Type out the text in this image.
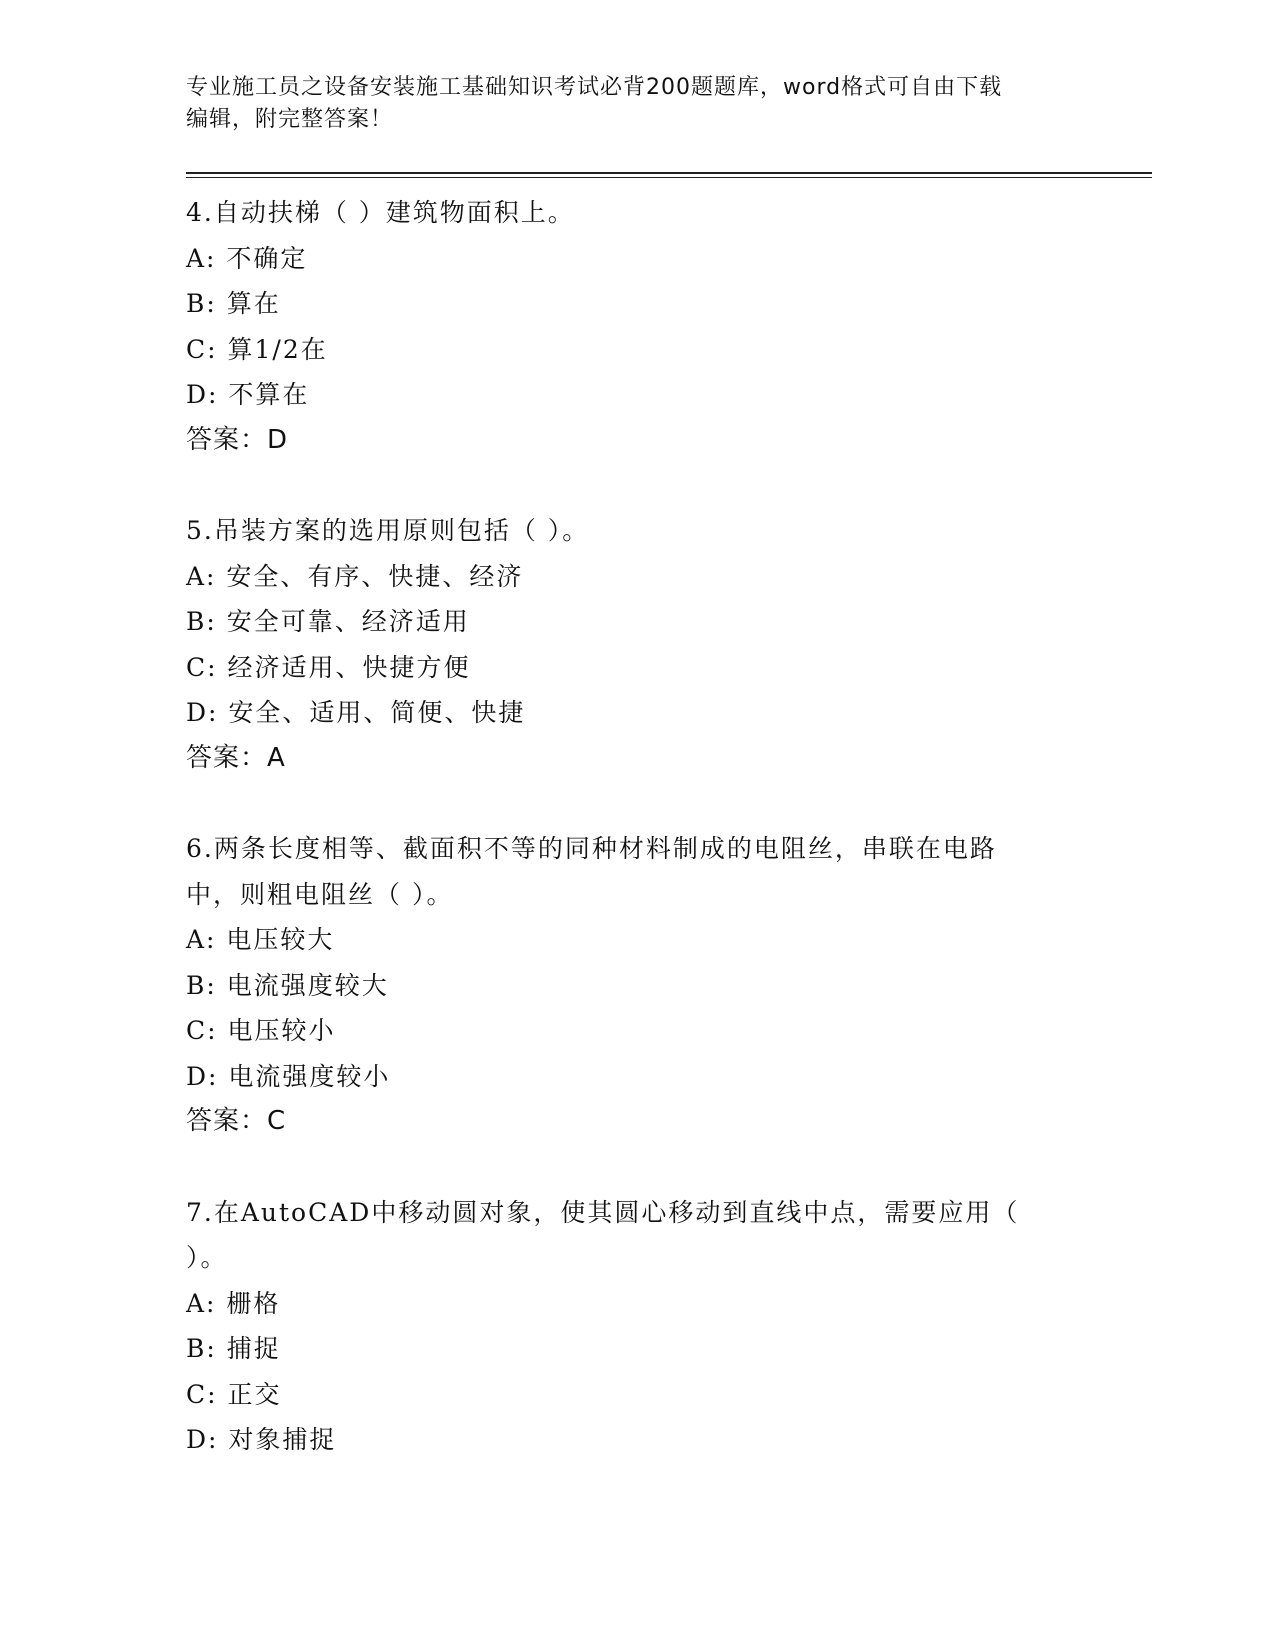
专业施工员之设备安装施工基础知识考试必背200题题库，word格式可自由下载
编辑，附完整答案！
4.自动扶梯（ ）建筑物面积上。
A: 不确定
B: 算在
C: 算1/2在
D: 不算在
答案：D
5.吊装方案的选用原则包括（ ）。
A: 安全、有序、快捷、经济
B: 安全可靠、经济适用
C: 经济适用、快捷方便
D: 安全、适用、简便、快捷
答案：A
6.两条长度相等、截面积不等的同种材料制成的电阻丝，串联在电路
中，则粗电阻丝（ ）。
A: 电压较大
B: 电流强度较大
C: 电压较小
D: 电流强度较小
答案：C
7.在AutoCAD中移动圆对象，使其圆心移动到直线中点，需要应用（
）。
A: 栅格
B: 捕捉
C: 正交
D: 对象捕捉
